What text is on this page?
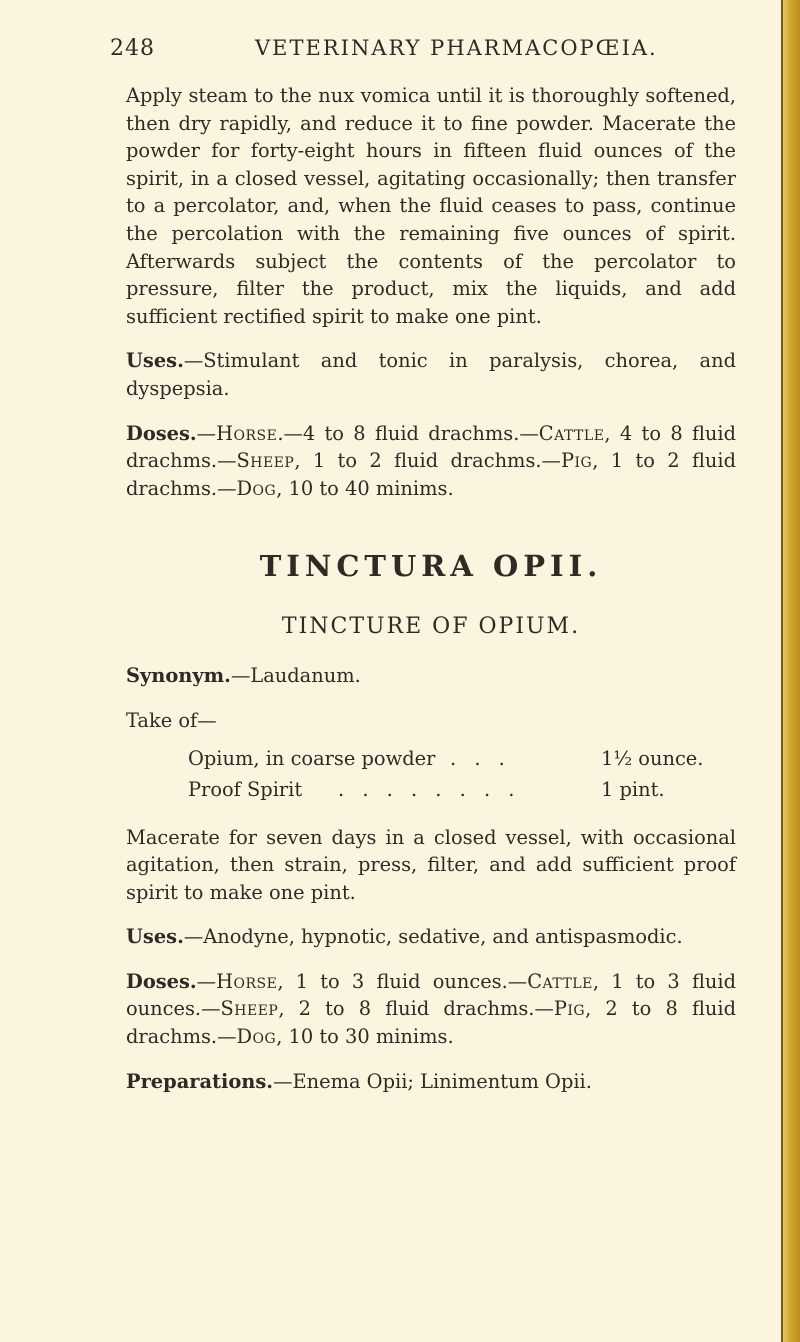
248	VETERINARY PHARMACOPŒIA.

Apply steam to the nux vomica until it is thoroughly softened, then dry rapidly, and reduce it to fine powder. Macerate the powder for forty-eight hours in fifteen fluid ounces of the spirit, in a closed vessel, agitating occasionally; then transfer to a percolator, and, when the fluid ceases to pass, continue the percolation with the remaining five ounces of spirit. Afterwards subject the contents of the percolator to pressure, filter the product, mix the liquids, and add sufficient rectified spirit to make one pint.

Uses.—Stimulant and tonic in paralysis, chorea, and dyspepsia.

Doses.—Horse.—4 to 8 fluid drachms.—Cattle, 4 to 8 fluid drachms.—Sheep, 1 to 2 fluid drachms.—Pig, 1 to 2 fluid drachms.—Dog, 10 to 40 minims.

TINCTURA OPII.
TINCTURE OF OPIUM.

Synonym.—Laudanum.

Take of—

Opium, in coarse powder . . .	1½ ounce.
Proof Spirit . . . . . . . .	1 pint.

Macerate for seven days in a closed vessel, with occasional agitation, then strain, press, filter, and add sufficient proof spirit to make one pint.

Uses.—Anodyne, hypnotic, sedative, and antispasmodic.

Doses.—Horse, 1 to 3 fluid ounces.—Cattle, 1 to 3 fluid ounces.—Sheep, 2 to 8 fluid drachms.—Pig, 2 to 8 fluid drachms.—Dog, 10 to 30 minims.

Preparations.—Enema Opii; Linimentum Opii.
